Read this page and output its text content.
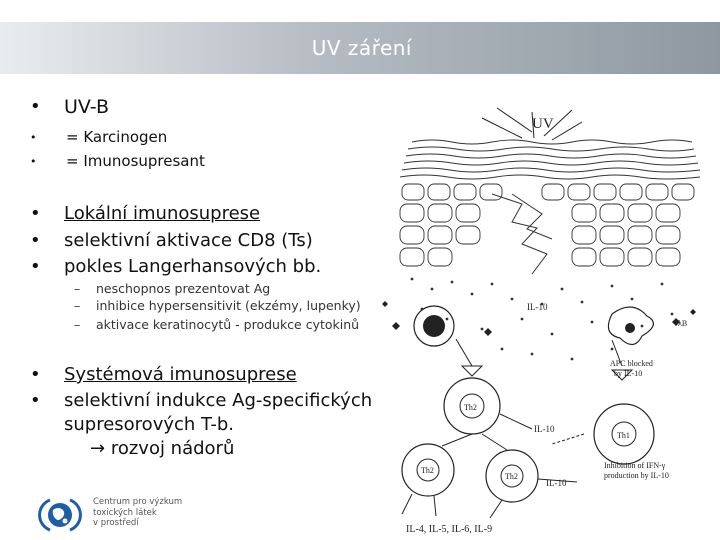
UV záření
• UV-B
• = Karcinogen
• = Imunosupresant
• Lokální imunosuprese
• selektivní aktivace CD8 (Ts)
• pokles Langerhansových bb.
– neschopnos prezentovat Ag
– inhibice hypersensitivit (ekzémy, lupenky)
– aktivace keratinocytů - produkce cytokinů
• Systémová imunosuprese
• selektivní indukce Ag-specifických
supresorových T-b.
→ rozvoj nádorů
UV
IL-10
λB
APC blocked
by IL-10
Th2
Th1
Th2
Th2
IL-10
IL-10
Inhibition of IFN-γ
production by IL-10
IL-4, IL-5, IL-6, IL-9
Centrum pro výzkum
toxických látek
v prostředí
